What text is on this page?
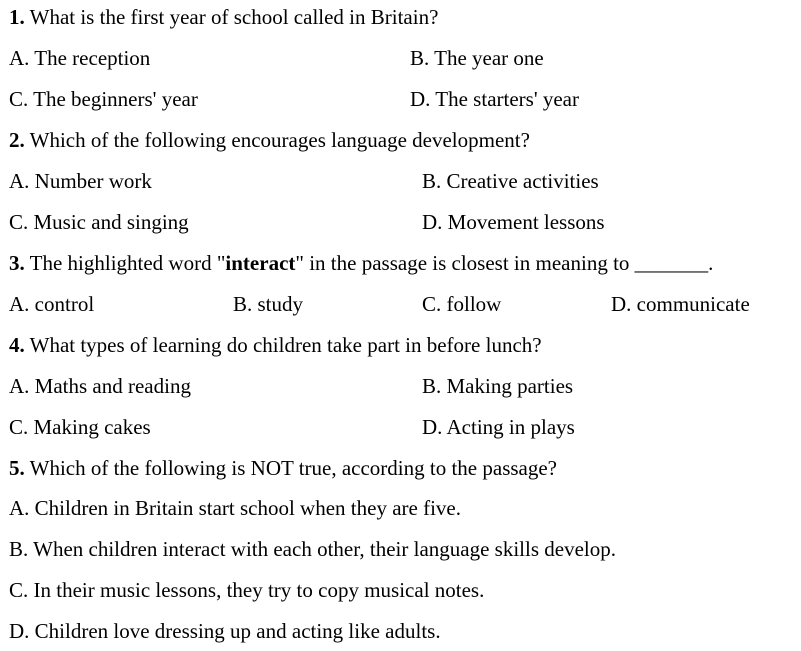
1. What is the first year of school called in Britain?
A. The reception	B. The year one
C. The beginners' year	D. The starters' year
2. Which of the following encourages language development?
A. Number work	B. Creative activities
C. Music and singing	D. Movement lessons
3. The highlighted word "interact" in the passage is closest in meaning to _______.
A. control	B. study	C. follow	D. communicate
4. What types of learning do children take part in before lunch?
A. Maths and reading	B. Making parties
C. Making cakes	D. Acting in plays
5. Which of the following is NOT true, according to the passage?
A. Children in Britain start school when they are five.
B. When children interact with each other, their language skills develop.
C. In their music lessons, they try to copy musical notes.
D. Children love dressing up and acting like adults.
